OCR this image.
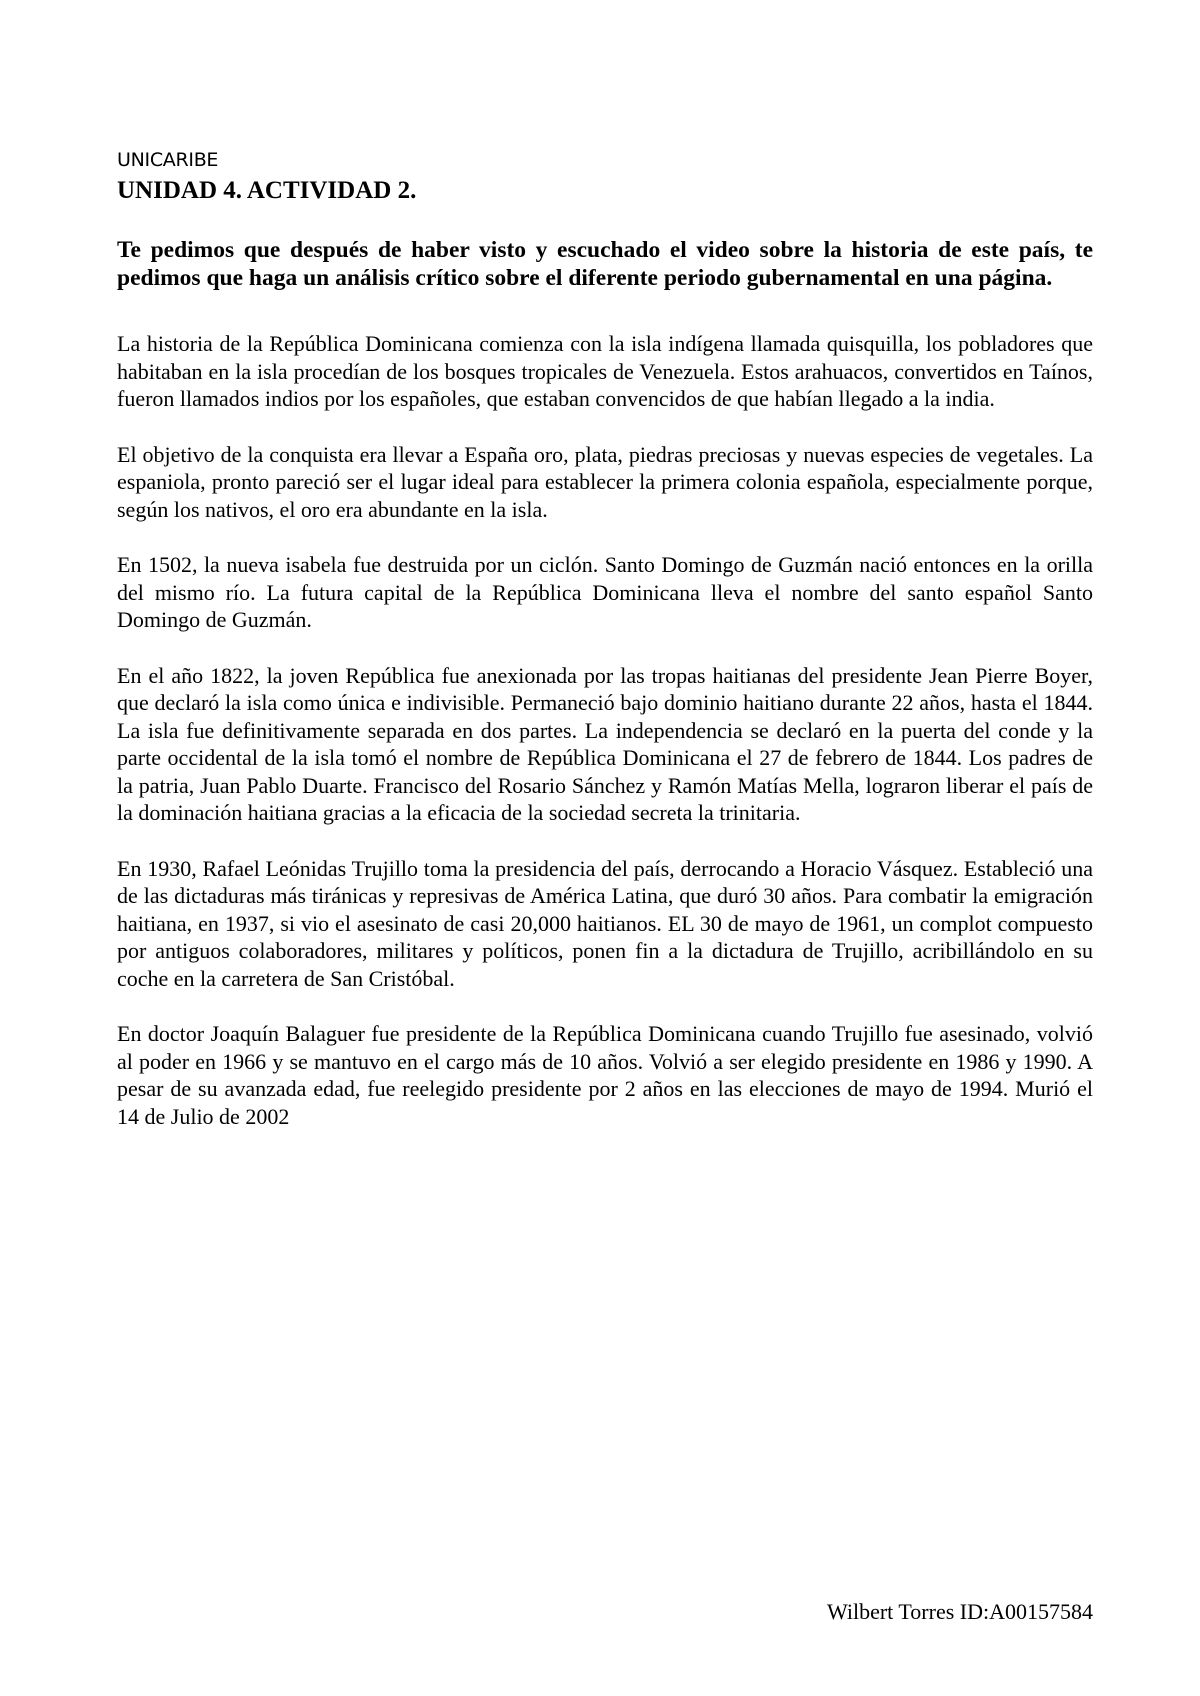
UNICARIBE

UNIDAD 4. ACTIVIDAD 2.

Te pedimos que después de haber visto y escuchado el video sobre la historia de este país, te pedimos que haga un análisis crítico sobre el diferente periodo gubernamental en una página.

La historia de la República Dominicana comienza con la isla indígena llamada quisquilla, los pobladores que habitaban en la isla procedían de los bosques tropicales de Venezuela. Estos arahuacos, convertidos en Taínos, fueron llamados indios por los españoles, que estaban convencidos de que habían llegado a la india.

El objetivo de la conquista era llevar a España oro, plata, piedras preciosas y nuevas especies de vegetales. La espaniola, pronto pareció ser el lugar ideal para establecer la primera colonia española, especialmente porque, según los nativos, el oro era abundante en la isla.

En 1502, la nueva isabela fue destruida por un ciclón. Santo Domingo de Guzmán nació entonces en la orilla del mismo río. La futura capital de la República Dominicana lleva el nombre del santo español Santo Domingo de Guzmán.

En el año 1822, la joven República fue anexionada por las tropas haitianas del presidente Jean Pierre Boyer, que declaró la isla como única e indivisible. Permaneció bajo dominio haitiano durante 22 años, hasta el 1844. La isla fue definitivamente separada en dos partes. La independencia se declaró en la puerta del conde y la parte occidental de la isla tomó el nombre de República Dominicana el 27 de febrero de 1844. Los padres de la patria, Juan Pablo Duarte. Francisco del Rosario Sánchez y Ramón Matías Mella, lograron liberar el país de la dominación haitiana gracias a la eficacia de la sociedad secreta la trinitaria.

En 1930, Rafael Leónidas Trujillo toma la presidencia del país, derrocando a Horacio Vásquez. Estableció una de las dictaduras más tiránicas y represivas de América Latina, que duró 30 años. Para combatir la emigración haitiana, en 1937, si vio el asesinato de casi 20,000 haitianos. EL 30 de mayo de 1961, un complot compuesto por antiguos colaboradores, militares y políticos, ponen fin a la dictadura de Trujillo, acribillándolo en su coche en la carretera de San Cristóbal.

En doctor Joaquín Balaguer fue presidente de la República Dominicana cuando Trujillo fue asesinado, volvió al poder en 1966 y se mantuvo en el cargo más de 10 años. Volvió a ser elegido presidente en 1986 y 1990. A pesar de su avanzada edad, fue reelegido presidente por 2 años en las elecciones de mayo de 1994. Murió el 14 de Julio de 2002

Wilbert Torres ID:A00157584
